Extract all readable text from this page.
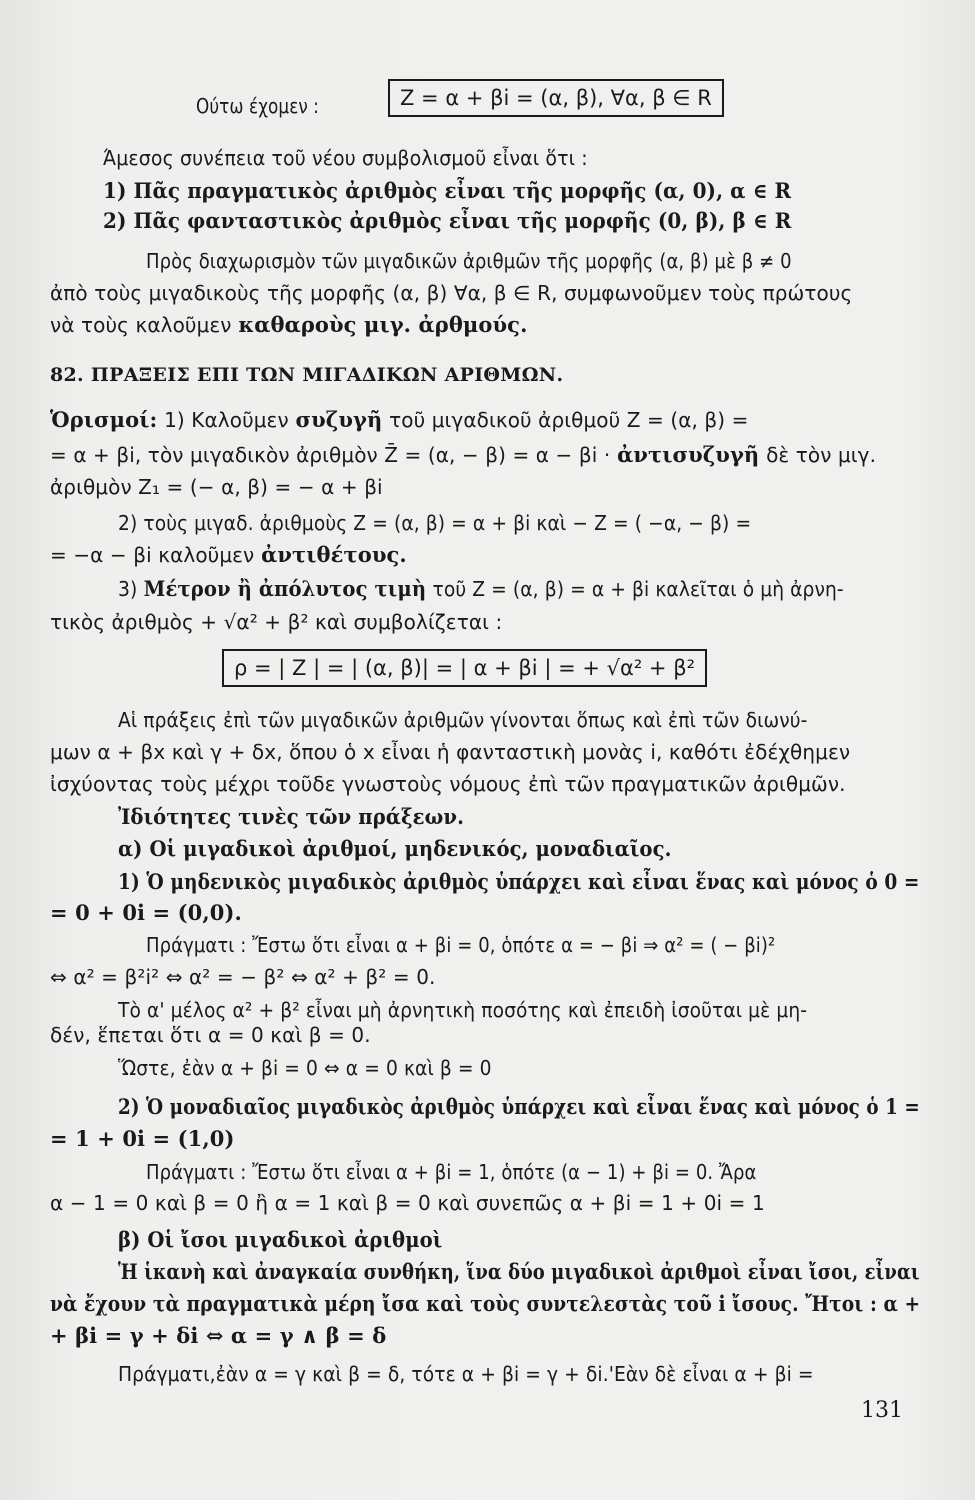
Ούτω έχομεν :	Ζ = α + βi = (α, β), ∀α, β ∈ R
Άμεσος συνέπεια τοῦ νέου συμβολισμοῦ εἶναι ὅτι :
1) Πᾶς πραγματικὸς ἀριθμὸς εἶναι τῆς μορφῆς (α, 0), α ∈ R
2) Πᾶς φανταστικὸς ἀριθμὸς εἶναι τῆς μορφῆς (0, β), β ∈ R
Πρὸς διαχωρισμὸν τῶν μιγαδικῶν ἀριθμῶν τῆς μορφῆς (α, β) μὲ β ≠ 0
ἀπὸ τοὺς μιγαδικοὺς τῆς μορφῆς (α, β) ∀α, β ∈ R, συμφωνοῦμεν τοὺς πρώτους
νὰ τοὺς καλοῦμεν καθαροὺς μιγ. ἀρθμούς.
82. ΠΡΑΞΕΙΣ ΕΠΙ ΤΩΝ ΜΙΓΑΔΙΚΩΝ ΑΡΙΘΜΩΝ.
Ὁρισμοί: 1) Καλοῦμεν συζυγῆ τοῦ μιγαδικοῦ ἀριθμοῦ Ζ = (α, β) =
= α + βi, τὸν μιγαδικὸν ἀριθμὸν Z̄ = (α, − β) = α − βi · ἀντισυζυγῆ δὲ τὸν μιγ.
ἀριθμὸν Ζ₁ = (− α, β) = − α + βi
2) τοὺς μιγαδ. ἀριθμοὺς Ζ = (α, β) = α + βi καὶ − Ζ = ( −α, − β) =
= −α − βi καλοῦμεν ἀντιθέτους.
3) Μέτρον ἢ ἀπόλυτος τιμὴ τοῦ Ζ = (α, β) = α + βi καλεῖται ὁ μὴ ἀρνη-
τικὸς ἀριθμὸς + √α² + β² καὶ συμβολίζεται :
ρ = | Ζ | = | (α, β)| = | α + βi | = + √α² + β²
Αἱ πράξεις ἐπὶ τῶν μιγαδικῶν ἀριθμῶν γίνονται ὅπως καὶ ἐπὶ τῶν διωνύ-
μων α + βx καὶ γ + δx, ὅπου ὁ x εἶναι ἡ φανταστικὴ μονὰς i, καθότι ἐδέχθημεν
ἰσχύοντας τοὺς μέχρι τοῦδε γνωστοὺς νόμους ἐπὶ τῶν πραγματικῶν ἀριθμῶν.
Ἰδιότητες τινὲς τῶν πράξεων.
α) Οἱ μιγαδικοὶ ἀριθμοί, μηδενικός, μοναδιαῖος.
1) Ὁ μηδενικὸς μιγαδικὸς ἀριθμὸς ὑπάρχει καὶ εἶναι ἕνας καὶ μόνος ὁ 0 =
= 0 + 0i = (0,0).
Πράγματι : Ἔστω ὅτι εἶναι α + βi = 0, ὁπότε α = − βi ⇒ α² = ( − βi)²
⇔ α² = β²i² ⇔ α² = − β² ⇔ α² + β² = 0.
Τὸ α' μέλος α² + β² εἶναι μὴ ἀρνητικὴ ποσότης καὶ ἐπειδὴ ἰσοῦται μὲ μη-
δέν, ἕπεται ὅτι α = 0 καὶ β = 0.
Ὥστε, ἐὰν α + βi = 0 ⇔ α = 0 καὶ β = 0
2) Ὁ μοναδιαῖος μιγαδικὸς ἀριθμὸς ὑπάρχει καὶ εἶναι ἕνας καὶ μόνος ὁ 1 =
= 1 + 0i = (1,0)
Πράγματι : Ἔστω ὅτι εἶναι α + βi = 1, ὁπότε (α − 1) + βi = 0. Ἄρα
α − 1 = 0 καὶ β = 0 ἢ α = 1 καὶ β = 0 καὶ συνεπῶς α + βi = 1 + 0i = 1
β) Οἱ ἴσοι μιγαδικοὶ ἀριθμοὶ
Ἡ ἱκανὴ καὶ ἀναγκαία συνθήκη, ἵνα δύο μιγαδικοὶ ἀριθμοὶ εἶναι ἴσοι, εἶναι
νὰ ἔχουν τὰ πραγματικὰ μέρη ἴσα καὶ τοὺς συντελεστὰς τοῦ i ἴσους. Ἤτοι : α +
+ βi = γ + δi ⇔ α = γ ∧ β = δ
Πράγματι,ἐὰν α = γ καὶ β = δ, τότε α + βi = γ + δi.'Εὰν δὲ εἶναι α + βi =
131
